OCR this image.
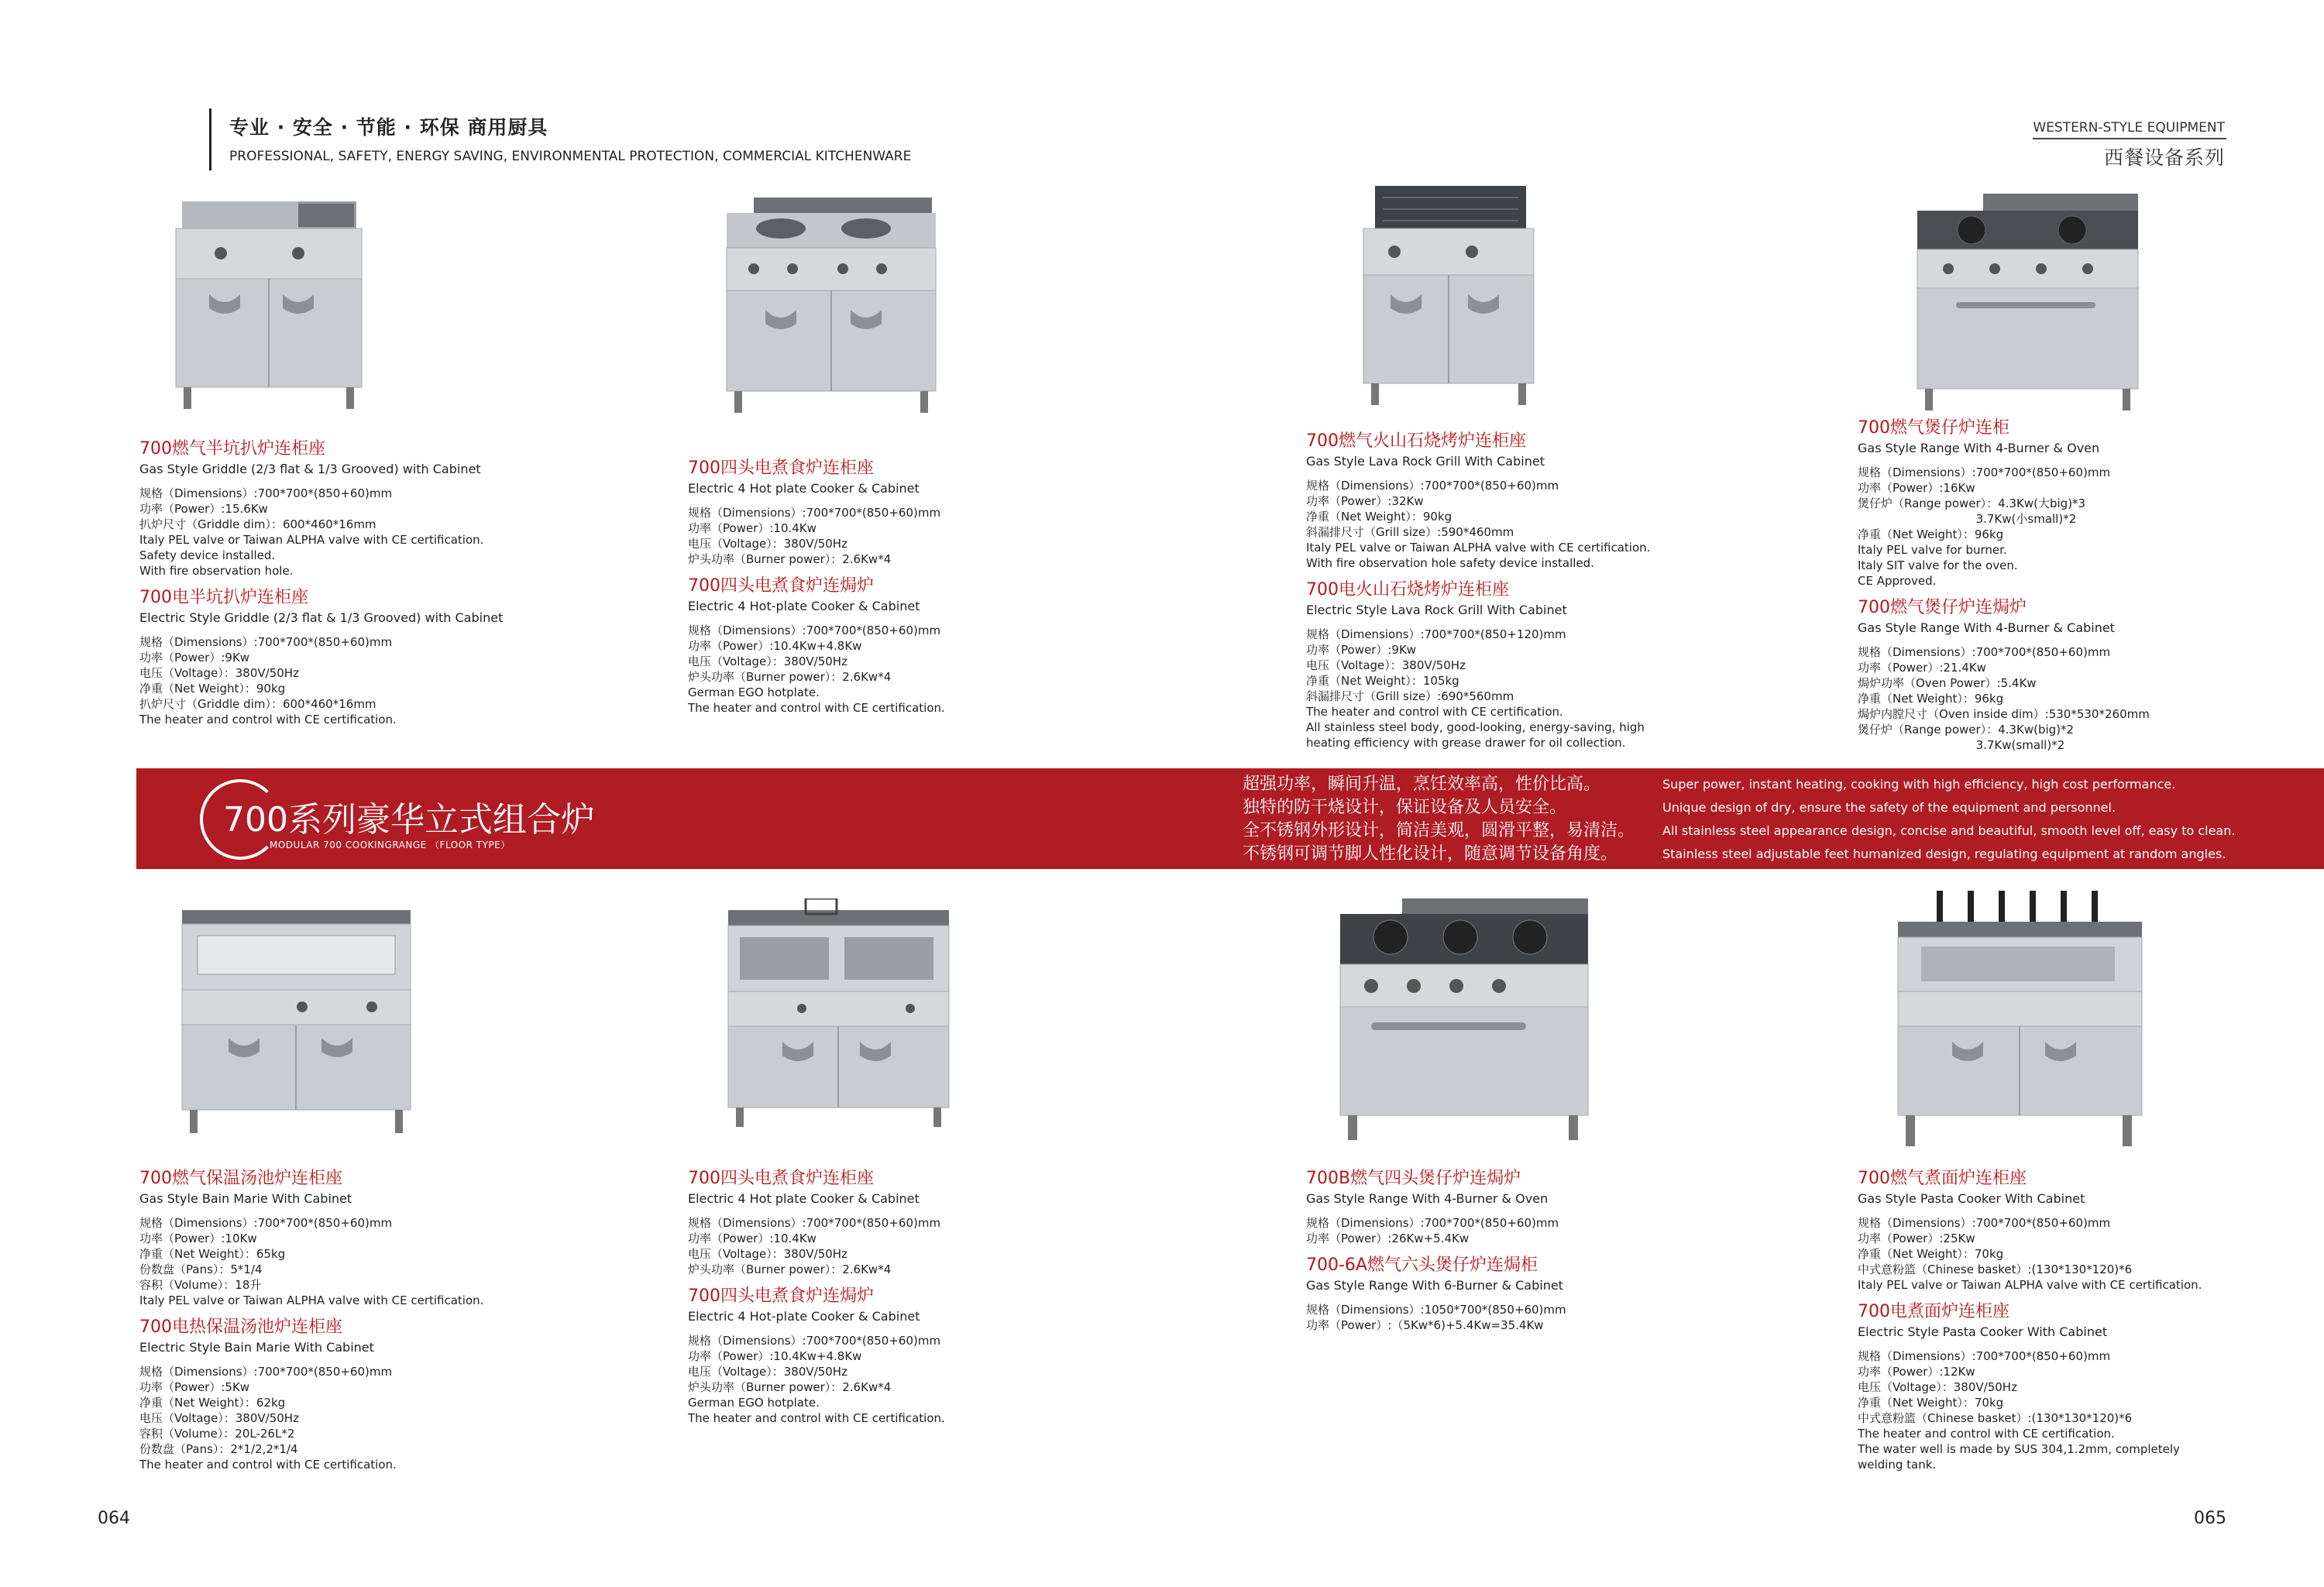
专业 · 安全 · 节能 · 环保 商用厨具
PROFESSIONAL, SAFETY, ENERGY SAVING, ENVIRONMENTAL PROTECTION, COMMERCIAL KITCHENWARE
WESTERN-STYLE EQUIPMENT
西餐设备系列
700燃气半坑扒炉连柜座
Gas Style Griddle (2/3 flat & 1/3 Grooved) with Cabinet
规格（Dimensions）:700*700*(850+60)mm
功率（Power）:15.6Kw
扒炉尺寸（Griddle dim）：600*460*16mm
Italy PEL valve or Taiwan ALPHA valve with CE certification.
Safety device installed.
With fire observation hole.
700电半坑扒炉连柜座
Electric Style Griddle (2/3 flat & 1/3 Grooved) with Cabinet
规格（Dimensions）:700*700*(850+60)mm
功率（Power）:9Kw
电压（Voltage）：380V/50Hz
净重（Net Weight）：90kg
扒炉尺寸（Griddle dim）：600*460*16mm
The heater and control with CE certification.
700四头电煮食炉连柜座
Electric 4 Hot plate Cooker & Cabinet
规格（Dimensions）:700*700*(850+60)mm
功率（Power）:10.4Kw
电压（Voltage）：380V/50Hz
炉头功率（Burner power）：2.6Kw*4
700四头电煮食炉连焗炉
Electric 4 Hot-plate Cooker & Cabinet
规格（Dimensions）:700*700*(850+60)mm
功率（Power）:10.4Kw+4.8Kw
电压（Voltage）：380V/50Hz
炉头功率（Burner power）：2.6Kw*4
German EGO hotplate.
The heater and control with CE certification.
700燃气火山石烧烤炉连柜座
Gas Style Lava Rock Grill With Cabinet
规格（Dimensions）:700*700*(850+60)mm
功率（Power）:32Kw
净重（Net Weight）：90kg
斜漏排尺寸（Grill size）:590*460mm
Italy PEL valve or Taiwan ALPHA valve with CE certification.
With fire observation hole safety device installed.
700电火山石烧烤炉连柜座
Electric Style Lava Rock Grill With Cabinet
规格（Dimensions）:700*700*(850+120)mm
功率（Power）:9Kw
电压（Voltage）：380V/50Hz
净重（Net Weight）：105kg
斜漏排尺寸（Grill size）:690*560mm
The heater and control with CE certification.
All stainless steel body, good-looking, energy-saving, high
heating efficiency with grease drawer for oil collection.
700燃气煲仔炉连柜
Gas Style Range With 4-Burner & Oven
规格（Dimensions）:700*700*(850+60)mm
功率（Power）:16Kw
煲仔炉（Range power）：4.3Kw(大big)*3
3.7Kw(小small)*2
净重（Net Weight）：96kg
Italy PEL valve for burner.
Italy SIT valve for the oven.
CE Approved.
700燃气煲仔炉连焗炉
Gas Style Range With 4-Burner & Cabinet
规格（Dimensions）:700*700*(850+60)mm
功率（Power）:21.4Kw
焗炉功率（Oven Power）:5.4Kw
净重（Net Weight）：96kg
焗炉内膛尺寸（Oven inside dim）:530*530*260mm
煲仔炉（Range power）：4.3Kw(big)*2
3.7Kw(small)*2
700系列豪华立式组合炉
MODULAR 700 COOKINGRANGE （FLOOR TYPE）
超强功率，瞬间升温，烹饪效率高，性价比高。
独特的防干烧设计，保证设备及人员安全。
全不锈钢外形设计，简洁美观，圆滑平整，易清洁。
不锈钢可调节脚人性化设计，随意调节设备角度。
Super power, instant heating, cooking with high efficiency, high cost performance.
Unique design of dry, ensure the safety of the equipment and personnel.
All stainless steel appearance design, concise and beautiful, smooth level off, easy to clean.
Stainless steel adjustable feet humanized design, regulating equipment at random angles.
700燃气保温汤池炉连柜座
Gas Style Bain Marie With Cabinet
规格（Dimensions）:700*700*(850+60)mm
功率（Power）:10Kw
净重（Net Weight）：65kg
份数盘（Pans）：5*1/4
容积（Volume）：18升
Italy PEL valve or Taiwan ALPHA valve with CE certification.
700电热保温汤池炉连柜座
Electric Style Bain Marie With Cabinet
规格（Dimensions）:700*700*(850+60)mm
功率（Power）:5Kw
净重（Net Weight）：62kg
电压（Voltage）：380V/50Hz
容积（Volume）：20L-26L*2
份数盘（Pans）：2*1/2,2*1/4
The heater and control with CE certification.
700四头电煮食炉连柜座
Electric 4 Hot plate Cooker & Cabinet
规格（Dimensions）:700*700*(850+60)mm
功率（Power）:10.4Kw
电压（Voltage）：380V/50Hz
炉头功率（Burner power）：2.6Kw*4
700四头电煮食炉连焗炉
Electric 4 Hot-plate Cooker & Cabinet
规格（Dimensions）:700*700*(850+60)mm
功率（Power）:10.4Kw+4.8Kw
电压（Voltage）：380V/50Hz
炉头功率（Burner power）：2.6Kw*4
German EGO hotplate.
The heater and control with CE certification.
700B燃气四头煲仔炉连焗炉
Gas Style Range With 4-Burner & Oven
规格（Dimensions）:700*700*(850+60)mm
功率（Power）:26Kw+5.4Kw
700-6A燃气六头煲仔炉连焗柜
Gas Style Range With 6-Burner & Cabinet
规格（Dimensions）:1050*700*(850+60)mm
功率（Power）:（5Kw*6)+5.4Kw=35.4Kw
700燃气煮面炉连柜座
Gas Style Pasta Cooker With Cabinet
规格（Dimensions）:700*700*(850+60)mm
功率（Power）:25Kw
净重（Net Weight）：70kg
中式意粉篮（Chinese basket）:(130*130*120)*6
Italy PEL valve or Taiwan ALPHA valve with CE certification.
700电煮面炉连柜座
Electric Style Pasta Cooker With Cabinet
规格（Dimensions）:700*700*(850+60)mm
功率（Power）:12Kw
电压（Voltage）：380V/50Hz
净重（Net Weight）：70kg
中式意粉篮（Chinese basket）:(130*130*120)*6
The heater and control with CE certification.
The water well is made by SUS 304,1.2mm, completely
welding tank.
064	065
